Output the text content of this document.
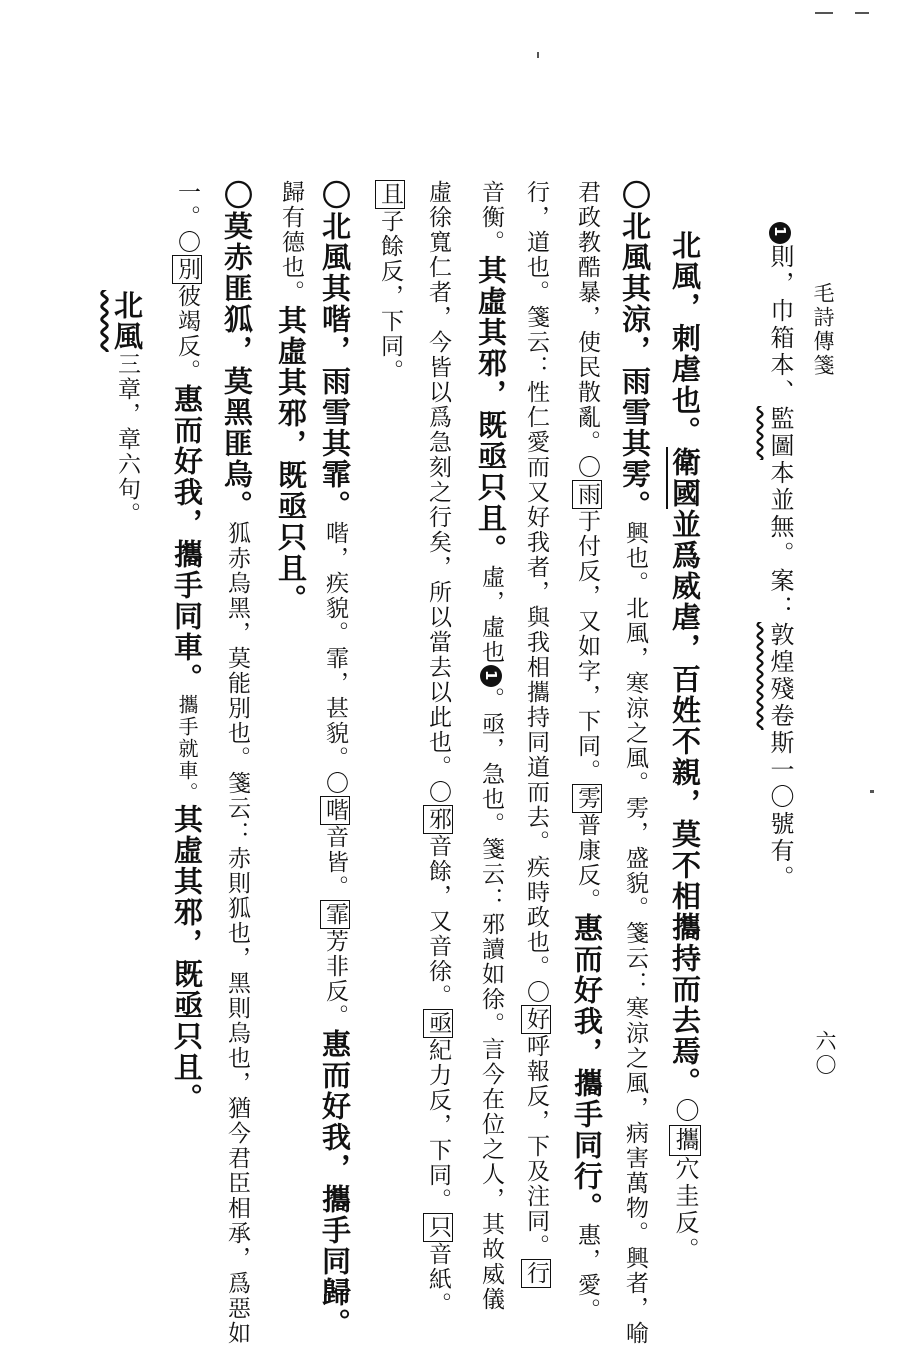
毛詩傳箋
六〇
1則，巾箱本、監圖本並無。案：敦煌殘卷斯一〇號有。
北風，刺虐也。衛國並爲威虐，百姓不親，莫不相攜持而去焉。〇攜穴圭反。
〇北風其涼，雨雪其雱。興也。北風，寒涼之風。雱，盛貌。箋云：寒涼之風，病害萬物。興者，喻
君政教酷暴，使民散亂。〇雨于付反，又如字，下同。雱普康反。惠而好我，攜手同行。惠，愛。
行，道也。箋云：性仁愛而又好我者，與我相攜持同道而去。疾時政也。〇好呼報反，下及注同。行
音衡。其虛其邪，既亟只且。虛，虛也1。亟，急也。箋云：邪讀如徐。言今在位之人，其故威儀
虛徐寬仁者，今皆以爲急刻之行矣，所以當去以此也。〇邪音餘，又音徐。亟紀力反，下同。只音紙。
且子餘反，下同。
〇北風其喈，雨雪其霏。喈，疾貌。霏，甚貌。〇喈音皆。霏芳非反。惠而好我，攜手同歸。
歸有德也。其虛其邪，既亟只且。
〇莫赤匪狐，莫黑匪烏。狐赤烏黑，莫能別也。箋云：赤則狐也，黑則烏也，猶今君臣相承，爲惡如
一。〇別彼竭反。惠而好我，攜手同車。攜手就車。其虛其邪，既亟只且。
北風三章，章六句。
